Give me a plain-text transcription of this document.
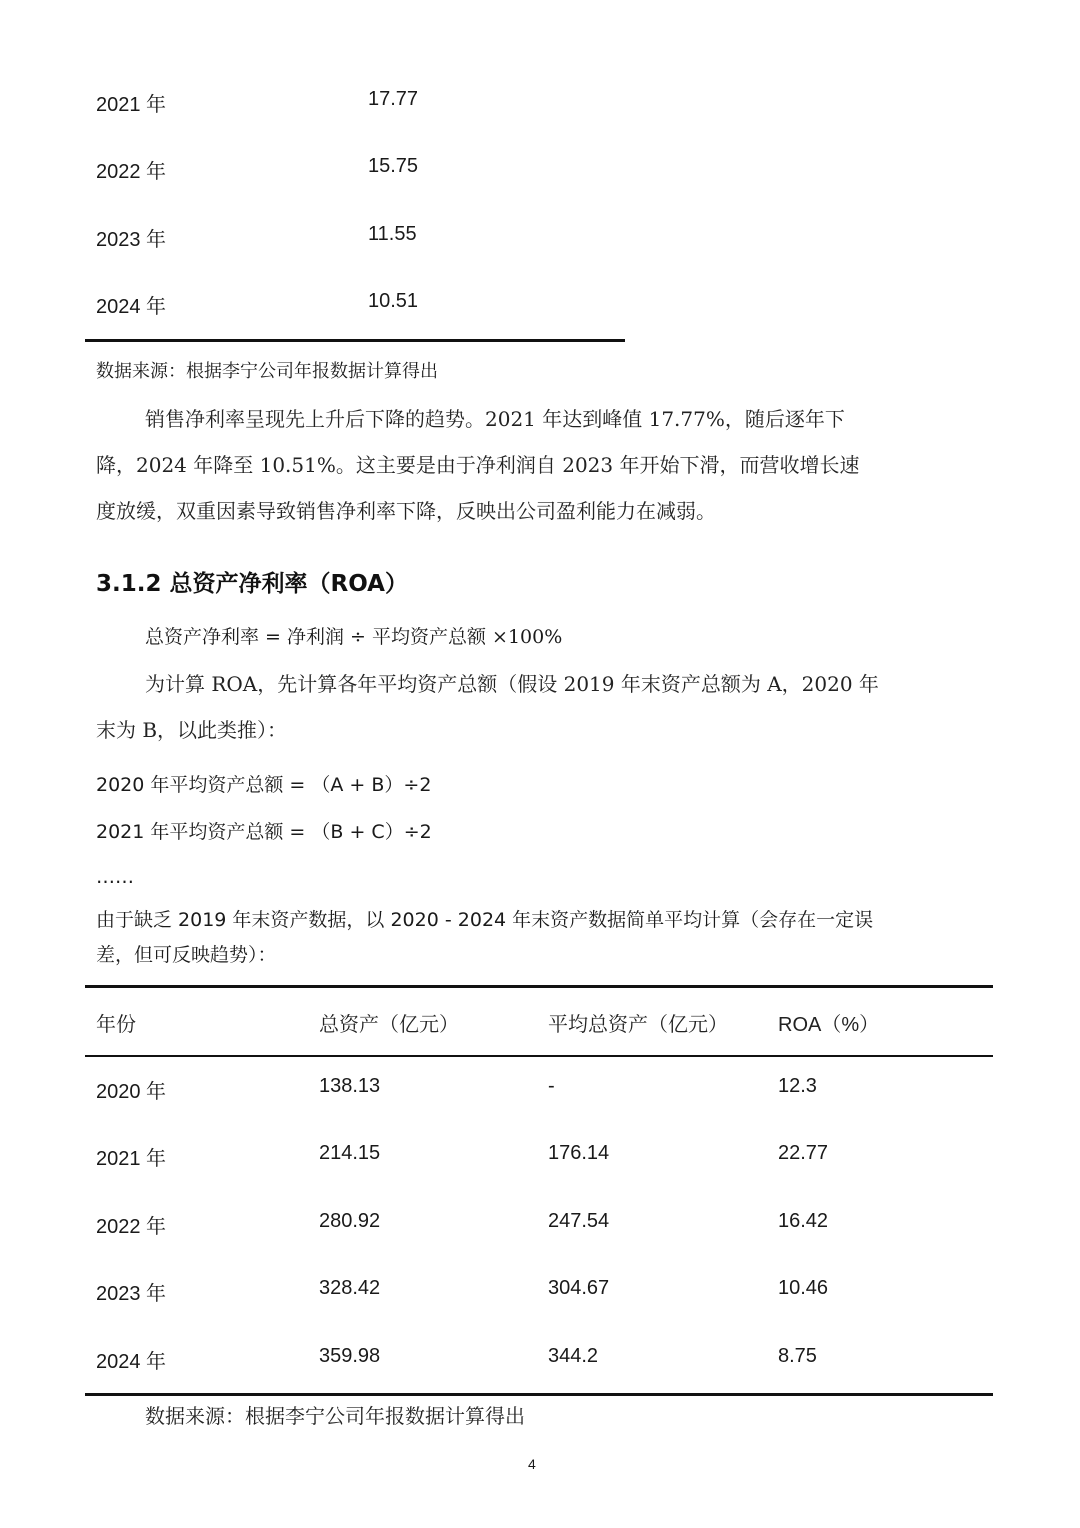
2021 年	17.77
2022 年	15.75
2023 年	11.55
2024 年	10.51
数据来源：根据李宁公司年报数据计算得出
销售净利率呈现先上升后下降的趋势。2021 年达到峰值 17.77%，随后逐年下
降，2024 年降至 10.51%。这主要是由于净利润自 2023 年开始下滑，而营收增长速
度放缓，双重因素导致销售净利率下降，反映出公司盈利能力在减弱。
3.1.2 总资产净利率（ROA）
总资产净利率 = 净利润 ÷ 平均资产总额 ×100%
为计算 ROA，先计算各年平均资产总额（假设 2019 年末资产总额为 A，2020 年
末为 B，以此类推）：
2020 年平均资产总额 = （A + B）÷2
2021 年平均资产总额 = （B + C）÷2
……
由于缺乏 2019 年末资产数据，以 2020 - 2024 年末资产数据简单平均计算（会存在一定误
差，但可反映趋势）：
年份	总资产（亿元）	平均总资产（亿元）	ROA（%）
2020 年	138.13	-	12.3
2021 年	214.15	176.14	22.77
2022 年	280.92	247.54	16.42
2023 年	328.42	304.67	10.46
2024 年	359.98	344.2	8.75
数据来源：根据李宁公司年报数据计算得出
4
